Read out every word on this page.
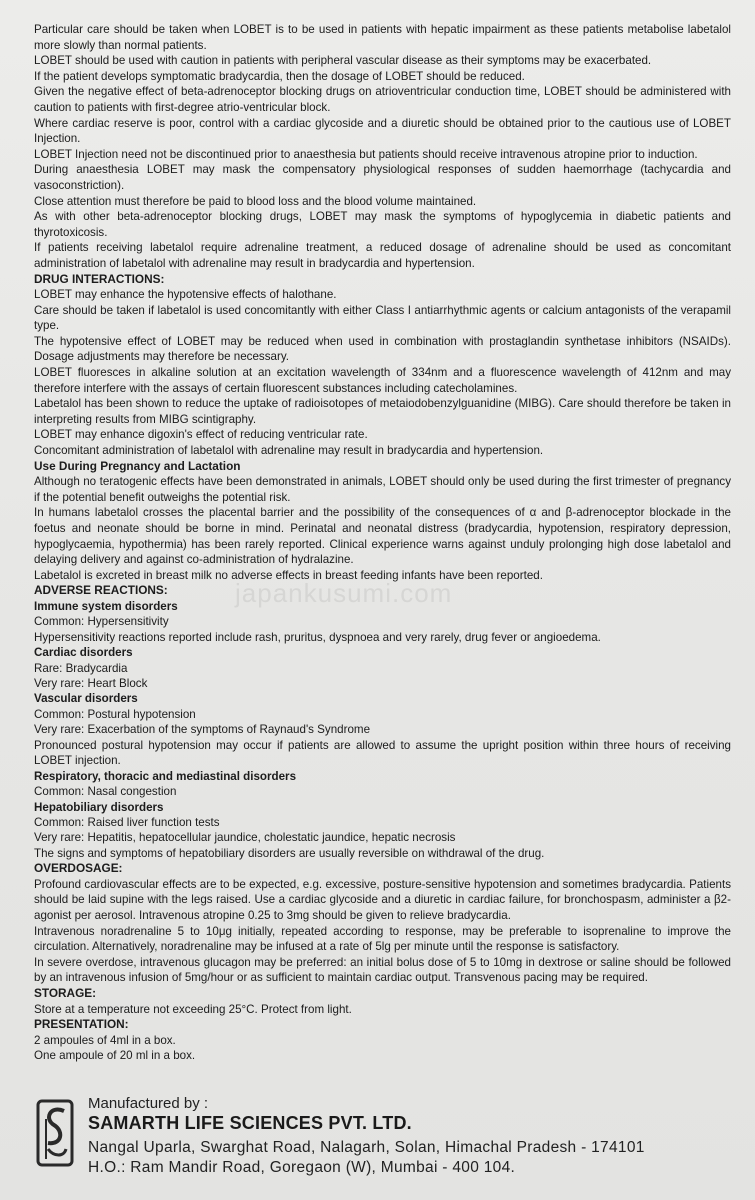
Particular care should be taken when LOBET is to be used in patients with hepatic impairment as these patients metabolise labetalol more slowly than normal patients.

LOBET should be used with caution in patients with peripheral vascular disease as their symptoms may be exacerbated.

If the patient develops symptomatic bradycardia, then the dosage of LOBET should be reduced.

Given the negative effect of beta-adrenoceptor blocking drugs on atrioventricular conduction time, LOBET should be administered with caution to patients with first-degree atrio-ventricular block.

Where cardiac reserve is poor, control with a cardiac glycoside and a diuretic should be obtained prior to the cautious use of LOBET Injection.

LOBET Injection need not be discontinued prior to anaesthesia but patients should receive intravenous atropine prior to induction.

During anaesthesia LOBET may mask the compensatory physiological responses of sudden haemorrhage (tachycardia and vasoconstriction).

Close attention must therefore be paid to blood loss and the blood volume maintained.

As with other beta-adrenoceptor blocking drugs, LOBET may mask the symptoms of hypoglycemia in diabetic patients and thyrotoxicosis.

If patients receiving labetalol require adrenaline treatment, a reduced dosage of adrenaline should be used as concomitant administration of labetalol with adrenaline may result in bradycardia and hypertension.

DRUG INTERACTIONS:

LOBET may enhance the hypotensive effects of halothane.

Care should be taken if labetalol is used concomitantly with either Class I antiarrhythmic agents or calcium antagonists of the verapamil type.

The hypotensive effect of LOBET may be reduced when used in combination with prostaglandin synthetase inhibitors (NSAIDs). Dosage adjustments may therefore be necessary.

LOBET fluoresces in alkaline solution at an excitation wavelength of 334nm and a fluorescence wavelength of 412nm and may therefore interfere with the assays of certain fluorescent substances including catecholamines.

Labetalol has been shown to reduce the uptake of radioisotopes of metaiodobenzylguanidine (MIBG). Care should therefore be taken in interpreting results from MIBG scintigraphy.

LOBET may enhance digoxin's effect of reducing ventricular rate.

Concomitant administration of labetalol with adrenaline may result in bradycardia and hypertension.

Use During Pregnancy and Lactation

Although no teratogenic effects have been demonstrated in animals, LOBET should only be used during the first trimester of pregnancy if the potential benefit outweighs the potential risk.

In humans labetalol crosses the placental barrier and the possibility of the consequences of α and β-adrenoceptor blockade in the foetus and neonate should be borne in mind. Perinatal and neonatal distress (bradycardia, hypotension, respiratory depression, hypoglycaemia, hypothermia) has been rarely reported. Clinical experience warns against unduly prolonging high dose labetalol and delaying delivery and against co-administration of hydralazine.

Labetalol is excreted in breast milk no adverse effects in breast feeding infants have been reported.

ADVERSE REACTIONS:

Immune system disorders

Common: Hypersensitivity

Hypersensitivity reactions reported include rash, pruritus, dyspnoea and very rarely, drug fever or angioedema.

Cardiac disorders

Rare: Bradycardia

Very rare: Heart Block

Vascular disorders

Common: Postural hypotension

Very rare: Exacerbation of the symptoms of Raynaud's Syndrome

Pronounced postural hypotension may occur if patients are allowed to assume the upright position within three hours of receiving LOBET injection.

Respiratory, thoracic and mediastinal disorders

Common: Nasal congestion

Hepatobiliary disorders

Common: Raised liver function tests

Very rare: Hepatitis, hepatocellular jaundice, cholestatic jaundice, hepatic necrosis

The signs and symptoms of hepatobiliary disorders are usually reversible on withdrawal of the drug.

OVERDOSAGE:

Profound cardiovascular effects are to be expected, e.g. excessive, posture-sensitive hypotension and sometimes bradycardia. Patients should be laid supine with the legs raised. Use a cardiac glycoside and a diuretic in cardiac failure, for bronchospasm, administer a β2-agonist per aerosol. Intravenous atropine 0.25 to 3mg should be given to relieve bradycardia.

Intravenous noradrenaline 5 to 10μg initially, repeated according to response, may be preferable to isoprenaline to improve the circulation. Alternatively, noradrenaline may be infused at a rate of 5lg per minute until the response is satisfactory.

In severe overdose, intravenous glucagon may be preferred: an initial bolus dose of 5 to 10mg in dextrose or saline should be followed by an intravenous infusion of 5mg/hour or as sufficient to maintain cardiac output. Transvenous pacing may be required.

STORAGE:

Store at a temperature not exceeding 25°C. Protect from light.

PRESENTATION:

2 ampoules of 4ml in a box.

One ampoule of 20 ml in a box.

japankusumi.com
Manufactured by :
SAMARTH LIFE SCIENCES PVT. LTD.
Nangal Uparla, Swarghat Road, Nalagarh, Solan, Himachal Pradesh - 174101
H.O.: Ram Mandir Road, Goregaon (W), Mumbai - 400 104.
